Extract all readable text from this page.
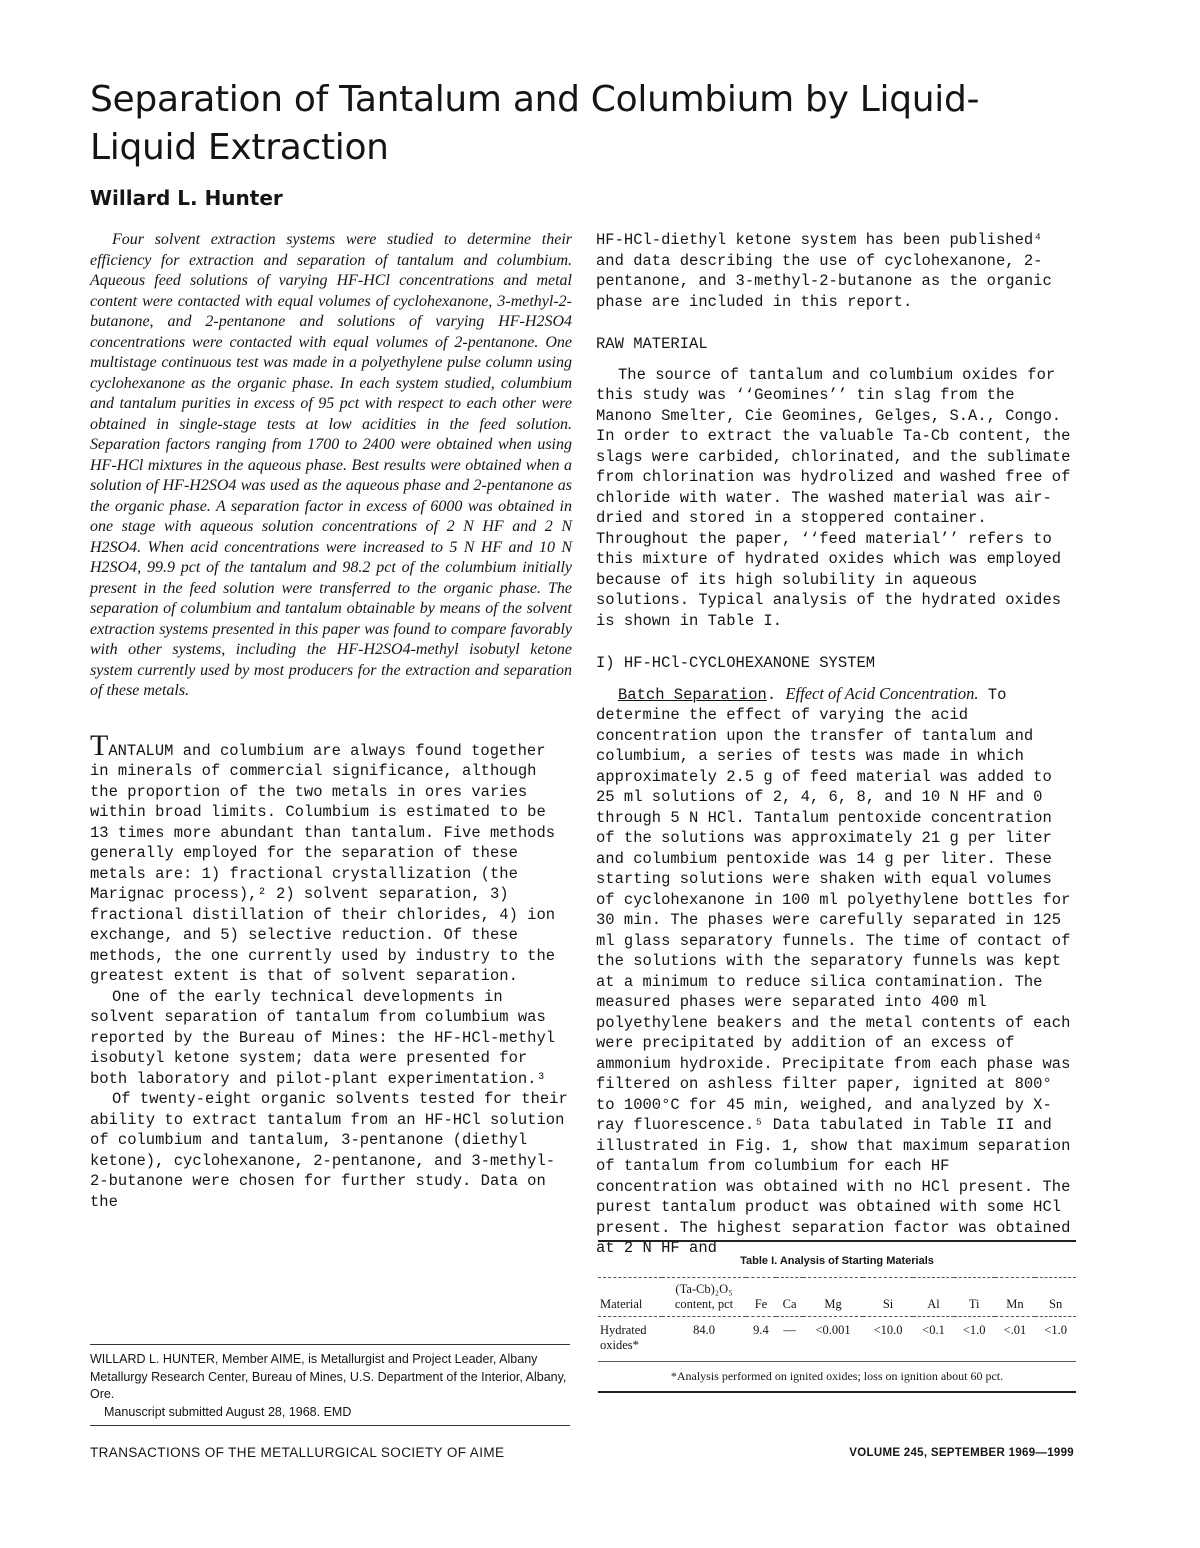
Separation of Tantalum and Columbium by Liquid- Liquid Extraction
Willard L. Hunter

Four solvent extraction systems were studied to determine their efficiency for extraction and separation of tantalum and columbium. Aqueous feed solutions of varying HF-HCl concentrations and metal content were contacted with equal volumes of cyclohexanone, 3-methyl-2-butanone, and 2-pentanone and solutions of varying HF-H2SO4 concentrations were contacted with equal volumes of 2-pentanone. One multistage continuous test was made in a polyethylene pulse column using cyclohexanone as the organic phase. In each system studied, columbium and tantalum purities in excess of 95 pct with respect to each other were obtained in single-stage tests at low acidities in the feed solution. Separation factors ranging from 1700 to 2400 were obtained when using HF-HCl mixtures in the aqueous phase. Best results were obtained when a solution of HF-H2SO4 was used as the aqueous phase and 2-pentanone as the organic phase. A separation factor in excess of 6000 was obtained in one stage with aqueous solution concentrations of 2 N HF and 2 N H2SO4. When acid concentrations were increased to 5 N HF and 10 N H2SO4, 99.9 pct of the tantalum and 98.2 pct of the columbium initially present in the feed solution were transferred to the organic phase. The separation of columbium and tantalum obtainable by means of the solvent extraction systems presented in this paper was found to compare favorably with other systems, including the HF-H2SO4-methyl isobutyl ketone system currently used by most producers for the extraction and separation of these metals.

TANTALUM and columbium are always found together in minerals of commercial significance, although the proportion of the two metals in ores varies within broad limits. Columbium is estimated to be 13 times more abundant than tantalum. Five methods generally employed for the separation of these metals are: 1) fractional crystallization (the Marignac process),² 2) solvent separation, 3) fractional distillation of their chlorides, 4) ion exchange, and 5) selective reduction. Of these methods, the one currently used by industry to the greatest extent is that of solvent separation.

One of the early technical developments in solvent separation of tantalum from columbium was reported by the Bureau of Mines: the HF-HCl-methyl isobutyl ketone system; data were presented for both laboratory and pilot-plant experimentation.³

Of twenty-eight organic solvents tested for their ability to extract tantalum from an HF-HCl solution of columbium and tantalum, 3-pentanone (diethyl ketone), cyclohexanone, 2-pentanone, and 3-methyl-2-butanone were chosen for further study. Data on the

HF-HCl-diethyl ketone system has been published⁴ and data describing the use of cyclohexanone, 2-pentanone, and 3-methyl-2-butanone as the organic phase are included in this report.

RAW MATERIAL

The source of tantalum and columbium oxides for this study was ‘‘Geomines’’ tin slag from the Manono Smelter, Cie Geomines, Gelges, S.A., Congo. In order to extract the valuable Ta-Cb content, the slags were carbided, chlorinated, and the sublimate from chlorination was hydrolized and washed free of chloride with water. The washed material was air-dried and stored in a stoppered container. Throughout the paper, ‘‘feed material’’ refers to this mixture of hydrated oxides which was employed because of its high solubility in aqueous solutions. Typical analysis of the hydrated oxides is shown in Table I.

I) HF-HCl-CYCLOHEXANONE SYSTEM

Batch Separation. Effect of Acid Concentration. To determine the effect of varying the acid concentration upon the transfer of tantalum and columbium, a series of tests was made in which approximately 2.5 g of feed material was added to 25 ml solutions of 2, 4, 6, 8, and 10 N HF and 0 through 5 N HCl. Tantalum pentoxide concentration of the solutions was approximately 21 g per liter and columbium pentoxide was 14 g per liter. These starting solutions were shaken with equal volumes of cyclohexanone in 100 ml polyethylene bottles for 30 min. The phases were carefully separated in 125 ml glass separatory funnels. The time of contact of the solutions with the separatory funnels was kept at a minimum to reduce silica contamination. The measured phases were separated into 400 ml polyethylene beakers and the metal contents of each were precipitated by addition of an excess of ammonium hydroxide. Precipitate from each phase was filtered on ashless filter paper, ignited at 800° to 1000°C for 45 min, weighed, and analyzed by X-ray fluorescence.⁵ Data tabulated in Table II and illustrated in Fig. 1, show that maximum separation of tantalum from columbium for each HF concentration was obtained with no HCl present. The purest tantalum product was obtained with some HCl present. The highest separation factor was obtained at 2 N HF and

WILLARD L. HUNTER, Member AIME, is Metallurgist and Project Leader, Albany Metallurgy Research Center, Bureau of Mines, U.S. Department of the Interior, Albany, Ore.

Manuscript submitted August 28, 1968. EMD

Table I. Analysis of Starting Materials
Material	(Ta-Cb)₂O₅ content, pct	Fe	Ca	Mg	Si	Al	Ti	Mn	Sn
Hydrated oxides*	84.0	9.4	—	<0.001	<10.0	<0.1	<1.0	<.01	<1.0
*Analysis performed on ignited oxides; loss on ignition about 60 pct.
TRANSACTIONS OF THE METALLURGICAL SOCIETY OF AIME	VOLUME 245, SEPTEMBER 1969—1999
